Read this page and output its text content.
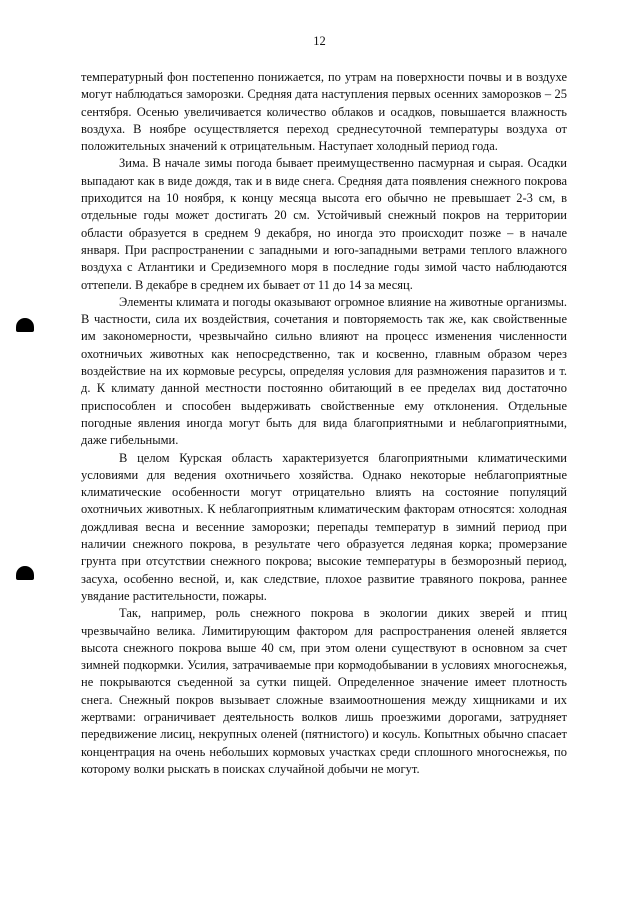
12

температурный фон постепенно понижается, по утрам на поверхности почвы и в воздухе могут наблюдаться заморозки. Средняя дата наступления первых осенних заморозков – 25 сентября. Осенью увеличивается количество облаков и осадков, повышается влажность воздуха. В ноябре осуществляется переход среднесуточной температуры воздуха от положительных значений к отрицательным. Наступает холодный период года.

Зима. В начале зимы погода бывает преимущественно пасмурная и сырая. Осадки выпадают как в виде дождя, так и в виде снега. Средняя дата появления снежного покрова приходится на 10 ноября, к концу месяца высота его обычно не превышает 2-3 см, в отдельные годы может достигать 20 см. Устойчивый снежный покров на территории области образуется в среднем 9 декабря, но иногда это происходит позже – в начале января. При распространении с западными и юго-западными ветрами теплого влажного воздуха с Атлантики и Средиземного моря в последние годы зимой часто наблюдаются оттепели. В декабре в среднем их бывает от 11 до 14 за месяц.

Элементы климата и погоды оказывают огромное влияние на животные организмы. В частности, сила их воздействия, сочетания и повторяемость так же, как свойственные им закономерности, чрезвычайно сильно влияют на процесс изменения численности охотничьих животных как непосредственно, так и косвенно, главным образом через воздействие на их кормовые ресурсы, определяя условия для размножения паразитов и т. д. К климату данной местности постоянно обитающий в ее пределах вид достаточно приспособлен и способен выдерживать свойственные ему отклонения. Отдельные погодные явления иногда могут быть для вида благоприятными и неблагоприятными, даже гибельными.

В целом Курская область характеризуется благоприятными климатическими условиями для ведения охотничьего хозяйства. Однако некоторые неблагоприятные климатические особенности могут отрицательно влиять на состояние популяций охотничьих животных. К неблагоприятным климатическим факторам относятся: холодная дождливая весна и весенние заморозки; перепады температур в зимний период при наличии снежного покрова, в результате чего образуется ледяная корка; промерзание грунта при отсутствии снежного покрова; высокие температуры в безморозный период, засуха, особенно весной, и, как следствие, плохое развитие травяного покрова, раннее увядание растительности, пожары.

Так, например, роль снежного покрова в экологии диких зверей и птиц чрезвычайно велика. Лимитирующим фактором для распространения оленей является высота снежного покрова выше 40 см, при этом олени существуют в основном за счет зимней подкормки. Усилия, затрачиваемые при кормодобывании в условиях многоснежья, не покрываются съеденной за сутки пищей. Определенное значение имеет плотность снега. Снежный покров вызывает сложные взаимоотношения между хищниками и их жертвами: ограничивает деятельность волков лишь проезжими дорогами, затрудняет передвижение лисиц, некрупных оленей (пятнистого) и косуль. Копытных обычно спасает концентрация на очень небольших кормовых участках среди сплошного многоснежья, по которому волки рыскать в поисках случайной добычи не могут.
